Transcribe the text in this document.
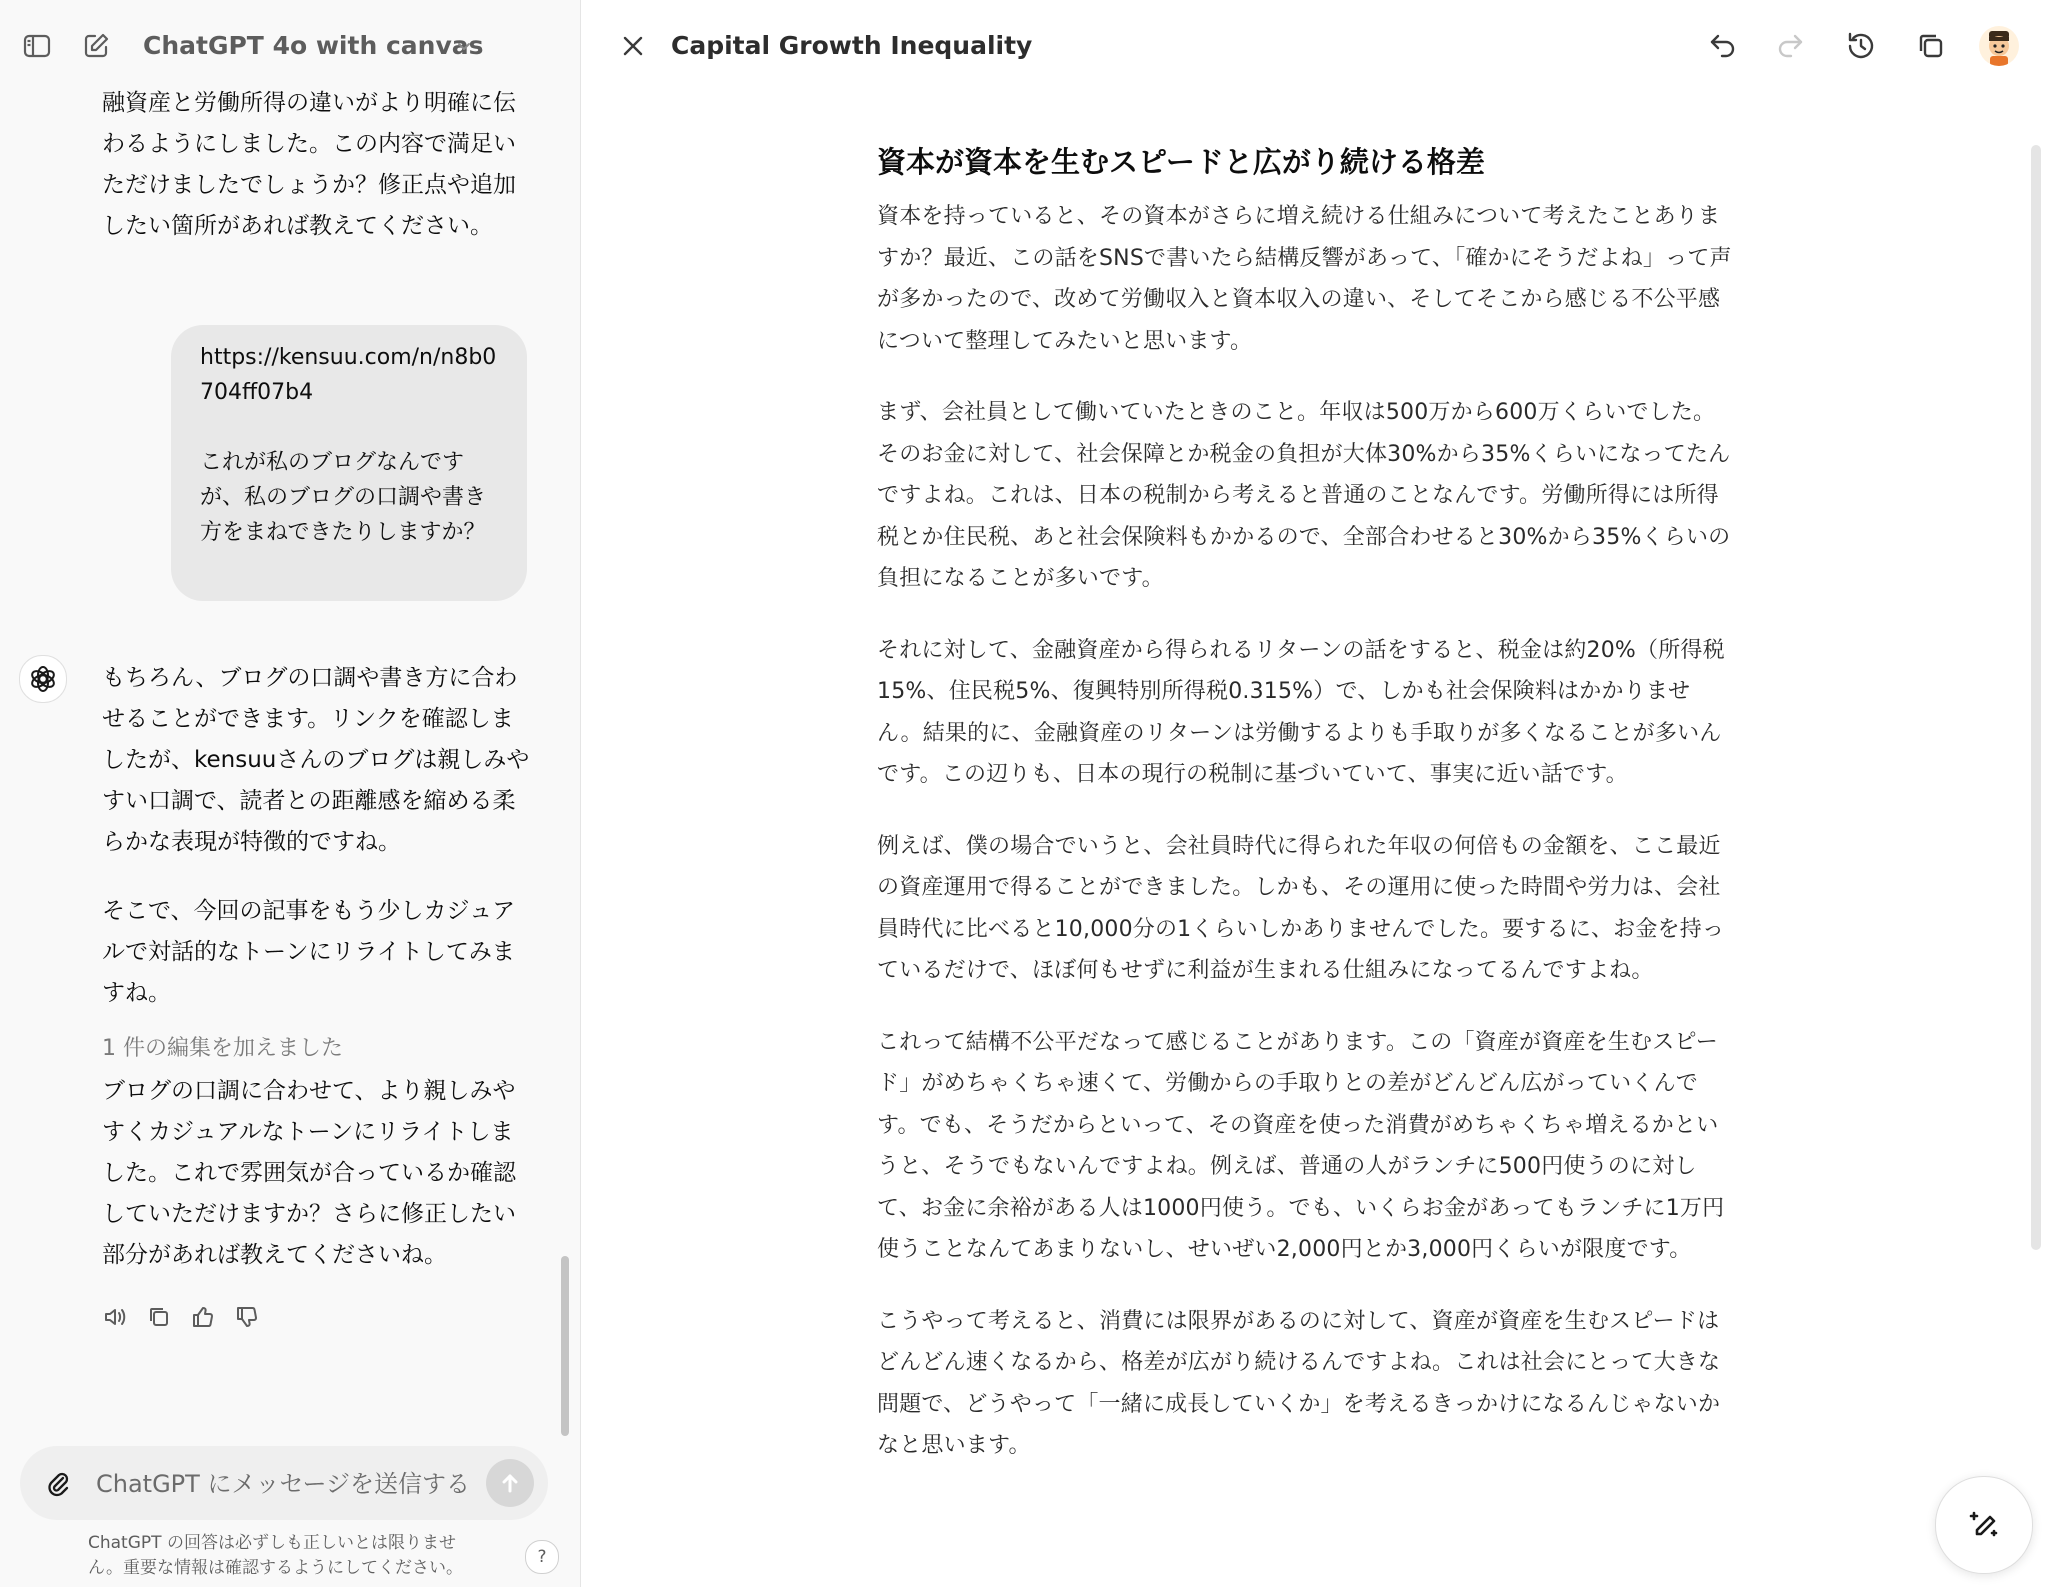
融資産と労働所得の違いがより明確に伝わるようにしました。この内容で満足いただけましたでしょうか？修正点や追加したい箇所があれば教えてください。
https://kensuu.com/n/n8b0704ff07b4
これが私のブログなんですが、私のブログの口調や書き方をまねできたりしますか？
もちろん、ブログの口調や書き方に合わせることができます。リンクを確認しましたが、kensuuさんのブログは親しみやすい口調で、読者との距離感を縮める柔らかな表現が特徴的ですね。
そこで、今回の記事をもう少しカジュアルで対話的なトーンにリライトしてみますね。
1 件の編集を加えました
ブログの口調に合わせて、より親しみやすくカジュアルなトーンにリライトしました。これで雰囲気が合っているか確認していただけますか？さらに修正したい部分があれば教えてくださいね。
ChatGPT 4o with canvas
ChatGPT にメッセージを送信する
ChatGPT の回答は必ずしも正しいとは限りません。重要な情報は確認するようにしてください。
?
Capital Growth Inequality
資本が資本を生むスピードと広がり続ける格差

資本を持っていると、その資本がさらに増え続ける仕組みについて考えたことありますか？最近、この話をSNSで書いたら結構反響があって、「確かにそうだよね」って声が多かったので、改めて労働収入と資本収入の違い、そしてそこから感じる不公平感について整理してみたいと思います。

まず、会社員として働いていたときのこと。年収は500万から600万くらいでした。そのお金に対して、社会保障とか税金の負担が大体30%から35%くらいになってたんですよね。これは、日本の税制から考えると普通のことなんです。労働所得には所得税とか住民税、あと社会保険料もかかるので、全部合わせると30%から35%くらいの負担になることが多いです。

それに対して、金融資産から得られるリターンの話をすると、税金は約20%（所得税15%、住民税5%、復興特別所得税0.315%）で、しかも社会保険料はかかりません。結果的に、金融資産のリターンは労働するよりも手取りが多くなることが多いんです。この辺りも、日本の現行の税制に基づいていて、事実に近い話です。

例えば、僕の場合でいうと、会社員時代に得られた年収の何倍もの金額を、ここ最近の資産運用で得ることができました。しかも、その運用に使った時間や労力は、会社員時代に比べると10,000分の1くらいしかありませんでした。要するに、お金を持っているだけで、ほぼ何もせずに利益が生まれる仕組みになってるんですよね。

これって結構不公平だなって感じることがあります。この「資産が資産を生むスピード」がめちゃくちゃ速くて、労働からの手取りとの差がどんどん広がっていくんです。でも、そうだからといって、その資産を使った消費がめちゃくちゃ増えるかというと、そうでもないんですよね。例えば、普通の人がランチに500円使うのに対して、お金に余裕がある人は1000円使う。でも、いくらお金があってもランチに1万円使うことなんてあまりないし、せいぜい2,000円とか3,000円くらいが限度です。

こうやって考えると、消費には限界があるのに対して、資産が資産を生むスピードはどんどん速くなるから、格差が広がり続けるんですよね。これは社会にとって大きな問題で、どうやって「一緒に成長していくか」を考えるきっかけになるんじゃないかなと思います。
